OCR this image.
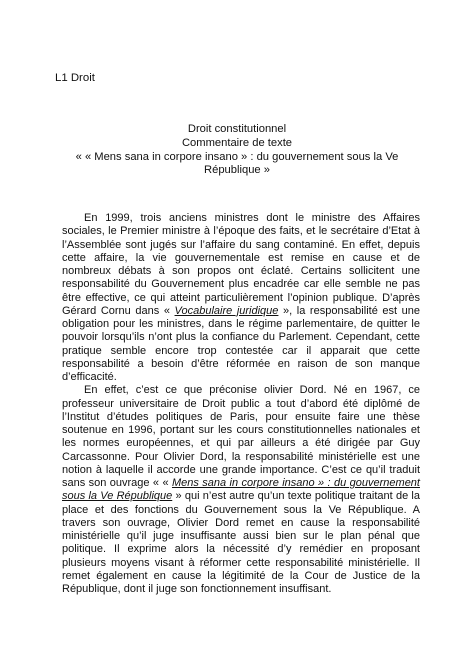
L1 Droit
Droit constitutionnel
Commentaire de texte
« « Mens sana in corpore insano » : du gouvernement sous la Ve République »

En 1999, trois anciens ministres dont le ministre des Affaires sociales, le Premier ministre à l’époque des faits, et le secrétaire d’Etat à l’Assemblée sont jugés sur l’affaire du sang contaminé. En effet, depuis cette affaire, la vie gouvernementale est remise en cause et de nombreux débats à son propos ont éclaté. Certains sollicitent une responsabilité du Gouvernement plus encadrée car elle semble ne pas être effective, ce qui atteint particulièrement l’opinion publique. D’après Gérard Cornu dans « Vocabulaire juridique », la responsabilité est une obligation pour les ministres, dans le régime parlementaire, de quitter le pouvoir lorsqu’ils n’ont plus la confiance du Parlement. Cependant, cette pratique semble encore trop contestée car il apparait que cette responsabilité a besoin d’être réformée en raison de son manque d’efficacité.

En effet, c’est ce que préconise olivier Dord. Né en 1967, ce professeur universitaire de Droit public a tout d’abord été diplômé de l’Institut d’études politiques de Paris, pour ensuite faire une thèse soutenue en 1996, portant sur les cours constitutionnelles nationales et les normes européennes, et qui par ailleurs a été dirigée par Guy Carcassonne. Pour Olivier Dord, la responsabilité ministérielle est une notion à laquelle il accorde une grande importance. C’est ce qu’il traduit sans son ouvrage « « Mens sana in corpore insano » : du gouvernement sous la Ve République » qui n’est autre qu’un texte politique traitant de la place et des fonctions du Gouvernement sous la Ve République. A travers son ouvrage, Olivier Dord remet en cause la responsabilité ministérielle qu’il juge insuffisante aussi bien sur le plan pénal que politique. Il exprime alors la nécessité d’y remédier en proposant plusieurs moyens visant à réformer cette responsabilité ministérielle. Il remet également en cause la légitimité de la Cour de Justice de la République, dont il juge son fonctionnement insuffisant.
